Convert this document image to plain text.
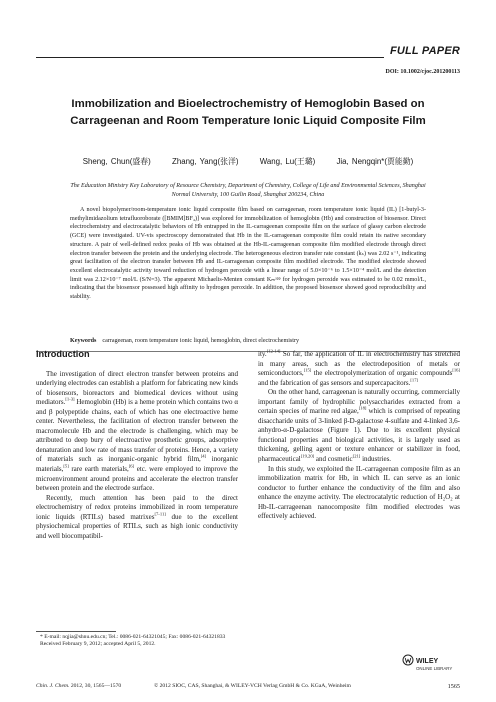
FULL PAPER
DOI: 10.1002/cjoc.201200113
Immobilization and Bioelectrochemistry of Hemoglobin Based on Carrageenan and Room Temperature Ionic Liquid Composite Film
Sheng, Chun(盛春)	Zhang, Yang(张洋)	Wang, Lu(王璐)	Jia, Nengqin*(贾能勤)
The Education Ministry Key Laboratory of Resource Chemistry, Department of Chemistry, College of Life and Environmental Sciences, Shanghai Normal University, 100 Guilin Road, Shanghai 200234, China
A novel biopolymer/room-temperature ionic liquid composite film based on carrageenan, room temperature ionic liquid (IL) [1-butyl-3-methylimidazolium tetrafluoroborate ([BMIM]BF₄)] was explored for immobilization of hemoglobin (Hb) and construction of biosensor. Direct electrochemistry and electrocatalytic behaviors of Hb entrapped in the IL-carrageenan composite film on the surface of glassy carbon electrode (GCE) were investigated. UV-vis spectroscopy demonstrated that Hb in the IL-carrageenan composite film could retain its native secondary structure. A pair of well-defined redox peaks of Hb was obtained at the Hb-IL-carrageenan composite film modified electrode through direct electron transfer between the protein and the underlying electrode. The heterogeneous electron transfer rate constant (kₛ) was 2.02 s⁻¹, indicating great facilitation of the electron transfer between Hb and IL-carrageenan composite film modified electrode. The modified electrode showed excellent electrocatalytic activity toward reduction of hydrogen peroxide with a linear range of 5.0×10⁻⁶ to 1.5×10⁻⁴ mol/L and the detection limit was 2.12×10⁻⁷ mol/L (S/N=3). The apparent Michaelis-Menten constant Kₘᵃᵖᵖ for hydrogen peroxide was estimated to be 0.02 mmol/L, indicating that the biosensor possessed high affinity to hydrogen peroxide. In addition, the proposed biosensor showed good reproducibility and stability.
Keywords carrageenan, room temperature ionic liquid, hemoglobin, direct electrochemistry
Introduction

The investigation of direct electron transfer between proteins and underlying electrodes can establish a platform for fabricating new kinds of biosensors, bioreactors and biomedical devices without using mediators.[1-3] Hemoglobin (Hb) is a heme protein which contains two α and β polypeptide chains, each of which has one electroactive heme center. Nevertheless, the facilitation of electron transfer between the macromolecule Hb and the electrode is challenging, which may be attributed to deep bury of electroactive prosthetic groups, adsorptive denaturation and low rate of mass transfer of proteins. Hence, a variety of materials such as inorganic-organic hybrid film,[4] inorganic materials,[5] rare earth materials,[6] etc. were employed to improve the microenvironment around proteins and accelerate the electron transfer between protein and the electrode surface.

Recently, much attention has been paid to the direct electrochemistry of redox proteins immobilized in room temperature ionic liquids (RTILs) based matrixes[7-11] due to the excellent physiochemical properties of RTILs, such as high ionic conductivity and well biocompatibil-

ity.[12-14] So far, the application of IL in electrochemistry has stretched in many areas, such as the electrodeposition of metals or semiconductors,[15] the electropolymerization of organic compounds[16] and the fabrication of gas sensors and supercapacitors.[17]

On the other hand, carrageenan is naturally occurring, commercially important family of hydrophilic polysaccharides extracted from a certain species of marine red algae,[18] which is comprised of repeating disaccharide units of 3-linked β-D-galactose 4-sulfate and 4-linked 3,6-anhydro-α-D-galactose (Figure 1). Due to its excellent physical functional properties and biological activities, it is largely used as thickening, gelling agent or texture enhancer or stabilizer in food, pharmaceutical[19,20] and cosmetic[21] industries.

In this study, we exploited the IL-carrageenan composite film as an immobilization matrix for Hb, in which IL can serve as an ionic conductor to further enhance the conductivity of the film and also enhance the enzyme activity. The electrocatalytic reduction of H₂O₂ at Hb-IL-carrageenan nanocomposite film modified electrodes was effectively achieved.

* E-mail: nqjia@shnu.edu.cn; Tel.: 0086-021-64321045; Fax: 0086-021-64321833
Received February 9, 2012; accepted April 5, 2012.
WILEY
ONLINE LIBRARY
Chin. J. Chem. 2012, 30, 1565—1570	© 2012 SIOC, CAS, Shanghai, & WILEY-VCH Verlag GmbH & Co. KGaA, Weinheim	1565
